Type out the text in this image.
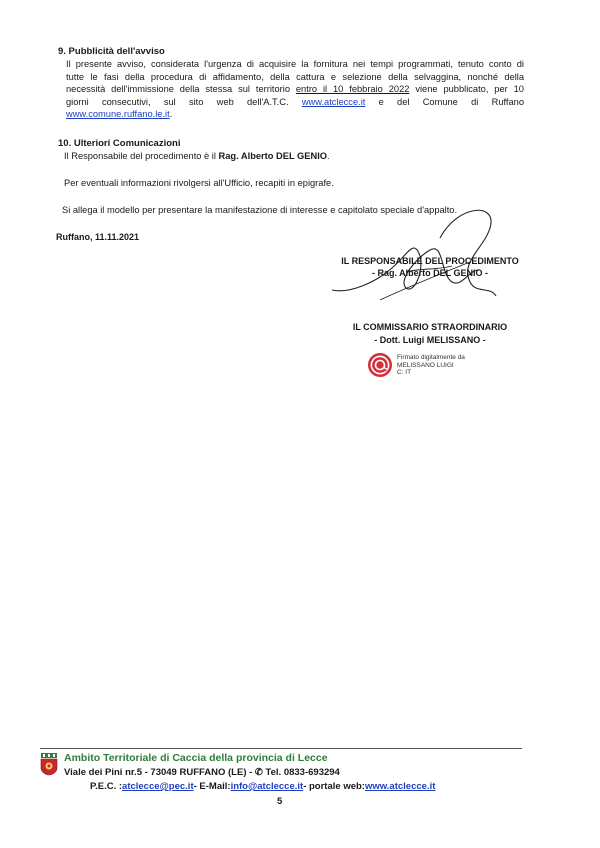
9. Pubblicità dell'avviso
Il presente avviso, considerata l'urgenza di acquisire la fornitura nei tempi programmati, tenuto conto di
tutte le fasi della procedura di affidamento, della cattura e selezione della selvaggina, nonché della
necessità dell'immissione della stessa sul territorio entro il 10 febbraio 2022 viene pubblicato, per 10
giorni consecutivi, sul sito web dell'A.T.C. www.atclecce.it e del Comune di Ruffano
www.comune.ruffano.le.it.
10. Ulteriori Comunicazioni
Il Responsabile del procedimento è il Rag. Alberto DEL GENIO.
Per eventuali informazioni rivolgersi all'Ufficio, recapiti in epigrafe.
Si allega il modello per presentare la manifestazione di interesse e capitolato speciale d'appalto.
Ruffano, 11.11.2021
IL RESPONSABILE DEL PROCEDIMENTO
- Rag. Alberto DEL GENIO -
IL COMMISSARIO STRAORDINARIO
- Dott. Luigi MELISSANO -
Firmato digitalmente da
MELISSANO LUIGI
C: IT
Ambito Territoriale di Caccia della provincia di Lecce
Viale dei Pini nr.5 - 73049 RUFFANO (LE) - ✆ Tel. 0833-693294
P.E.C. :atclecce@pec.it- E-Mail:info@atclecce.it- portale web:www.atclecce.it
5
